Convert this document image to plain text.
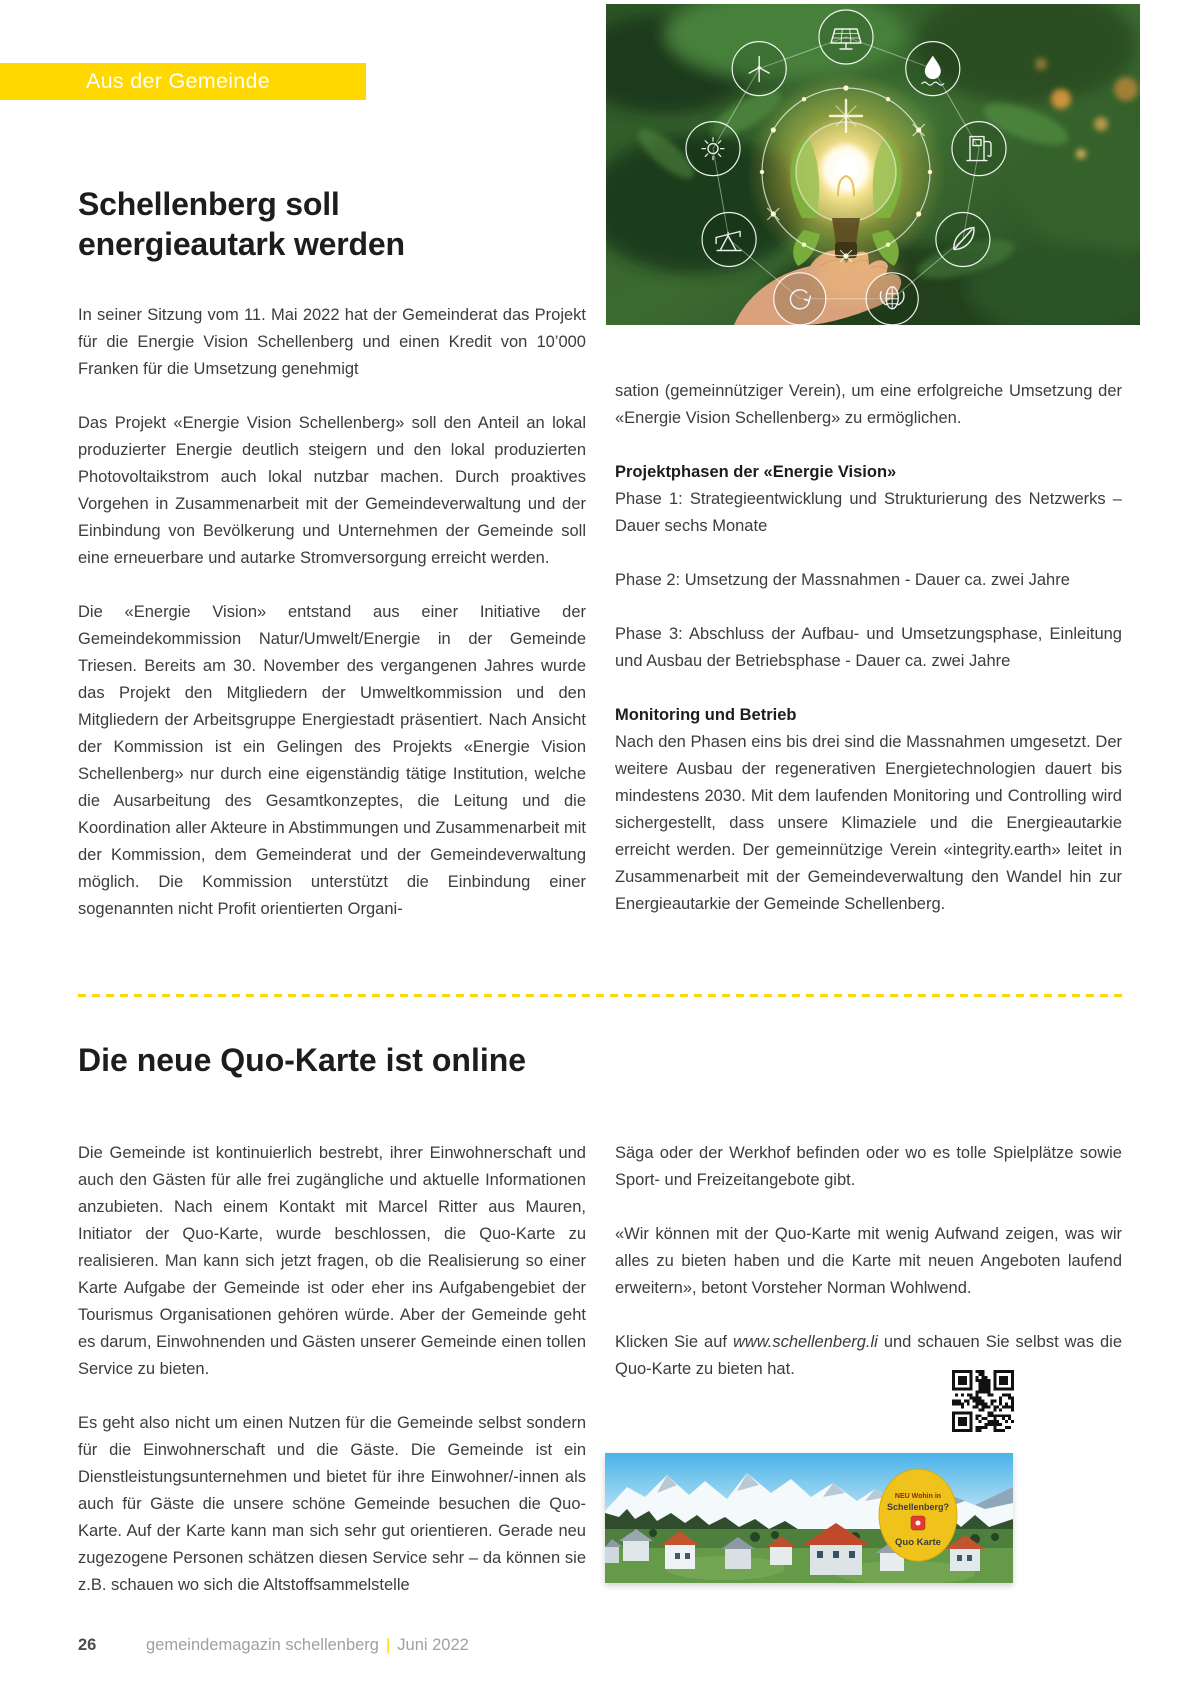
Aus der Gemeinde
Schellenberg soll
energieautark werden

In seiner Sitzung vom 11. Mai 2022 hat der Gemeinderat das Projekt für die Energie Vision Schellenberg und einen Kredit von 10’000 Franken für die Umsetzung genehmigt

Das Projekt «Energie Vision Schellenberg» soll den Anteil an lokal produzierter Energie deutlich steigern und den lokal produzierten Photovoltaikstrom auch lokal nutzbar machen. Durch proaktives Vorgehen in Zusammenarbeit mit der Gemeindeverwaltung und der Einbindung von Bevölkerung und Unternehmen der Gemeinde soll eine erneuerbare und autarke Stromversorgung erreicht werden.

Die «Energie Vision» entstand aus einer Initiative der Gemeindekommission Natur/Umwelt/Energie in der Gemeinde Triesen. Bereits am 30. November des vergangenen Jahres wurde das Projekt den Mitgliedern der Umweltkommission und den Mitgliedern der Arbeitsgruppe Energiestadt präsentiert. Nach Ansicht der Kommission ist ein Gelingen des Projekts «Energie Vision Schellenberg» nur durch eine eigenständig tätige Institution, welche die Ausarbeitung des Gesamtkonzeptes, die Leitung und die Koordination aller Akteure in Abstimmungen und Zusammenarbeit mit der Kommission, dem Gemeinderat und der Gemeindeverwaltung möglich. Die Kommission unterstützt die Einbindung einer sogenannten nicht Profit orientierten Organi-

sation (gemeinnütziger Verein), um eine erfolgreiche Umsetzung der «Energie Vision Schellenberg» zu ermöglichen.

Projektphasen der «Energie Vision»

Phase 1: Strategieentwicklung und Strukturierung des Netzwerks – Dauer sechs Monate

Phase 2: Umsetzung der Massnahmen - Dauer ca. zwei Jahre

Phase 3: Abschluss der Aufbau- und Umsetzungsphase, Einleitung und Ausbau der Betriebsphase - Dauer ca. zwei Jahre

Monitoring und Betrieb

Nach den Phasen eins bis drei sind die Massnahmen umgesetzt. Der weitere Ausbau der regenerativen Energietechnologien dauert bis mindestens 2030. Mit dem laufenden Monitoring und Controlling wird sichergestellt, dass unsere Klimaziele und die Energieautarkie erreicht werden. Der gemeinnützige Verein «integrity.earth» leitet in Zusammenarbeit mit der Gemeindeverwaltung den Wandel hin zur Energieautarkie der Gemeinde Schellenberg.

Die neue Quo-Karte ist online

Die Gemeinde ist kontinuierlich bestrebt, ihrer Einwohnerschaft und auch den Gästen für alle frei zugängliche und aktuelle Informationen anzubieten. Nach einem Kontakt mit Marcel Ritter aus Mauren, Initiator der Quo-Karte, wurde beschlossen, die Quo-Karte zu realisieren. Man kann sich jetzt fragen, ob die Realisierung so einer Karte Aufgabe der Gemeinde ist oder eher ins Aufgabengebiet der Tourismus Organisationen gehören würde. Aber der Gemeinde geht es darum, Einwohnenden und Gästen unserer Gemeinde einen tollen Service zu bieten.

Es geht also nicht um einen Nutzen für die Gemeinde selbst sondern für die Einwohnerschaft und die Gäste. Die Gemeinde ist ein Dienstleistungsunternehmen und bietet für ihre Einwohner/-innen als auch für Gäste die unsere schöne Gemeinde besuchen die Quo-Karte. Auf der Karte kann man sich sehr gut orientieren. Gerade neu zugezogene Personen schätzen diesen Service sehr – da können sie z.B. schauen wo sich die Altstoffsammelstelle

Säga oder der Werkhof befinden oder wo es tolle Spielplätze sowie Sport- und Freizeitangebote gibt.

«Wir können mit der Quo-Karte mit wenig Aufwand zeigen, was wir alles zu bieten haben und die Karte mit neuen Angeboten laufend erweitern», betont Vorsteher Norman Wohlwend.

Klicken Sie auf www.schellenberg.li und schauen Sie selbst was die Quo-Karte zu bieten hat.

NEU Wohin in
Schellenberg?
Quo Karte
26	gemeindemagazin schellenberg | Juni 2022
